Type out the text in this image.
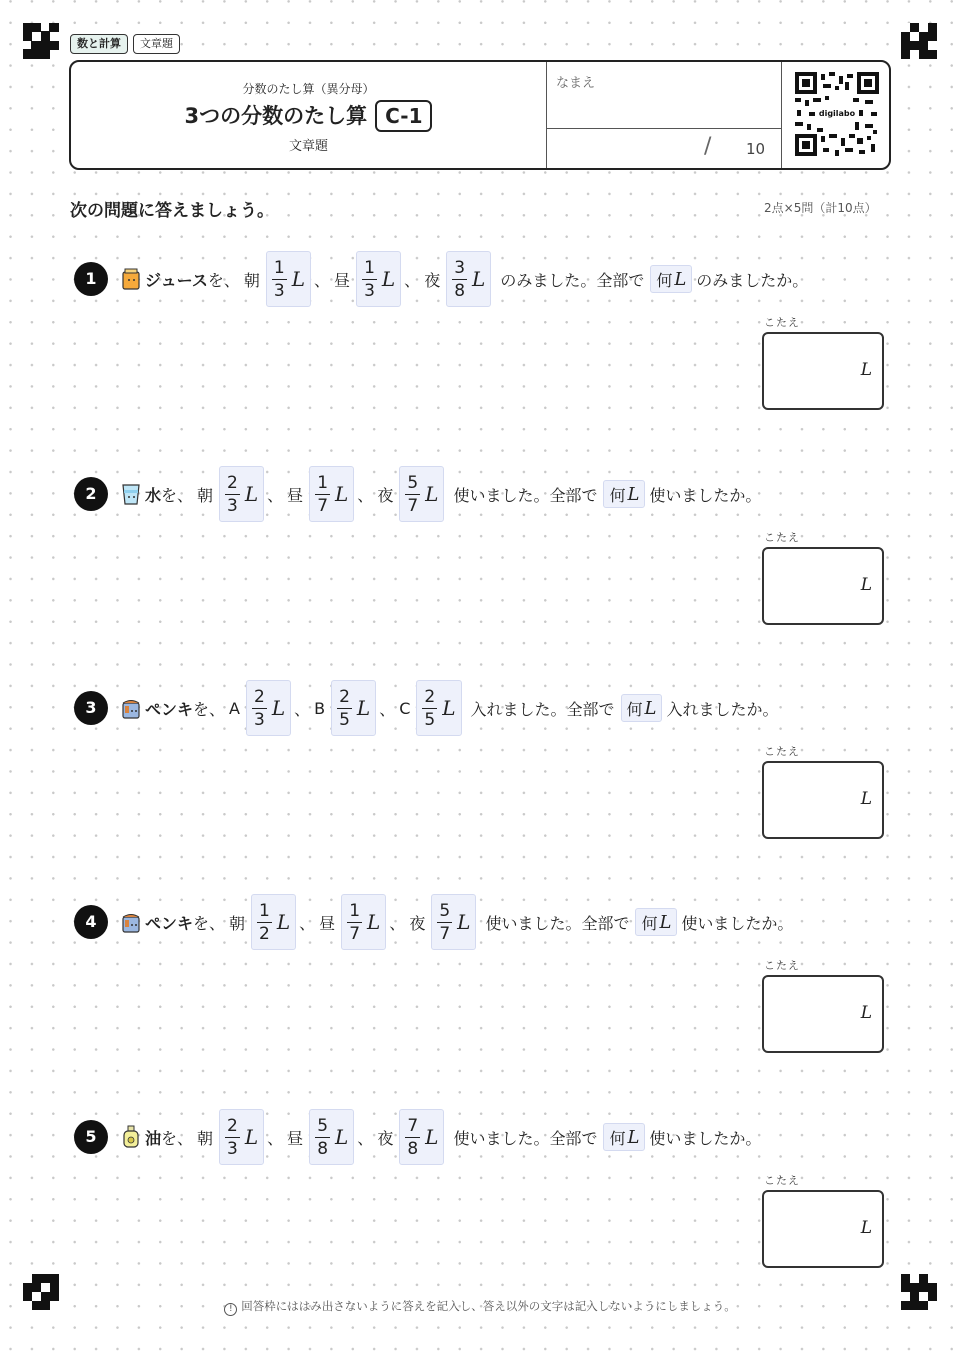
数と計算	文章題
分数のたし算（異分母）
3つの分数のたし算 C-1
文章題
なまえ
/ 10
digilabo
次の問題に答えましょう。	2点×5問（計10点）
1	ジュース を、 朝 $\frac{1}{3}$ L 、 昼 $\frac{1}{3}$ L 、 夜 $\frac{3}{8}$ L のみました。全部で 何 L のみましたか。
こたえ
L
2	水 を、 朝 $\frac{2}{3}$ L 、 昼 $\frac{1}{7}$ L 、 夜 $\frac{5}{7}$ L 使いました。全部で 何 L 使いましたか。
こたえ
L
3	ペンキ を、 A $\frac{2}{3}$ L 、 B $\frac{2}{5}$ L 、 C $\frac{2}{5}$ L 入れました。全部で 何 L 入れましたか。
こたえ
L
4	ペンキ を、 朝 $\frac{1}{2}$ L 、 昼 $\frac{1}{7}$ L 、 夜 $\frac{5}{7}$ L 使いました。全部で 何 L 使いましたか。
こたえ
L
5	油 を、 朝 $\frac{2}{3}$ L 、 昼 $\frac{5}{8}$ L 、 夜 $\frac{7}{8}$ L 使いました。全部で 何 L 使いましたか。
こたえ
L
! 回答枠にははみ出さないように答えを記入し、答え以外の文字は記入しないようにしましょう。
